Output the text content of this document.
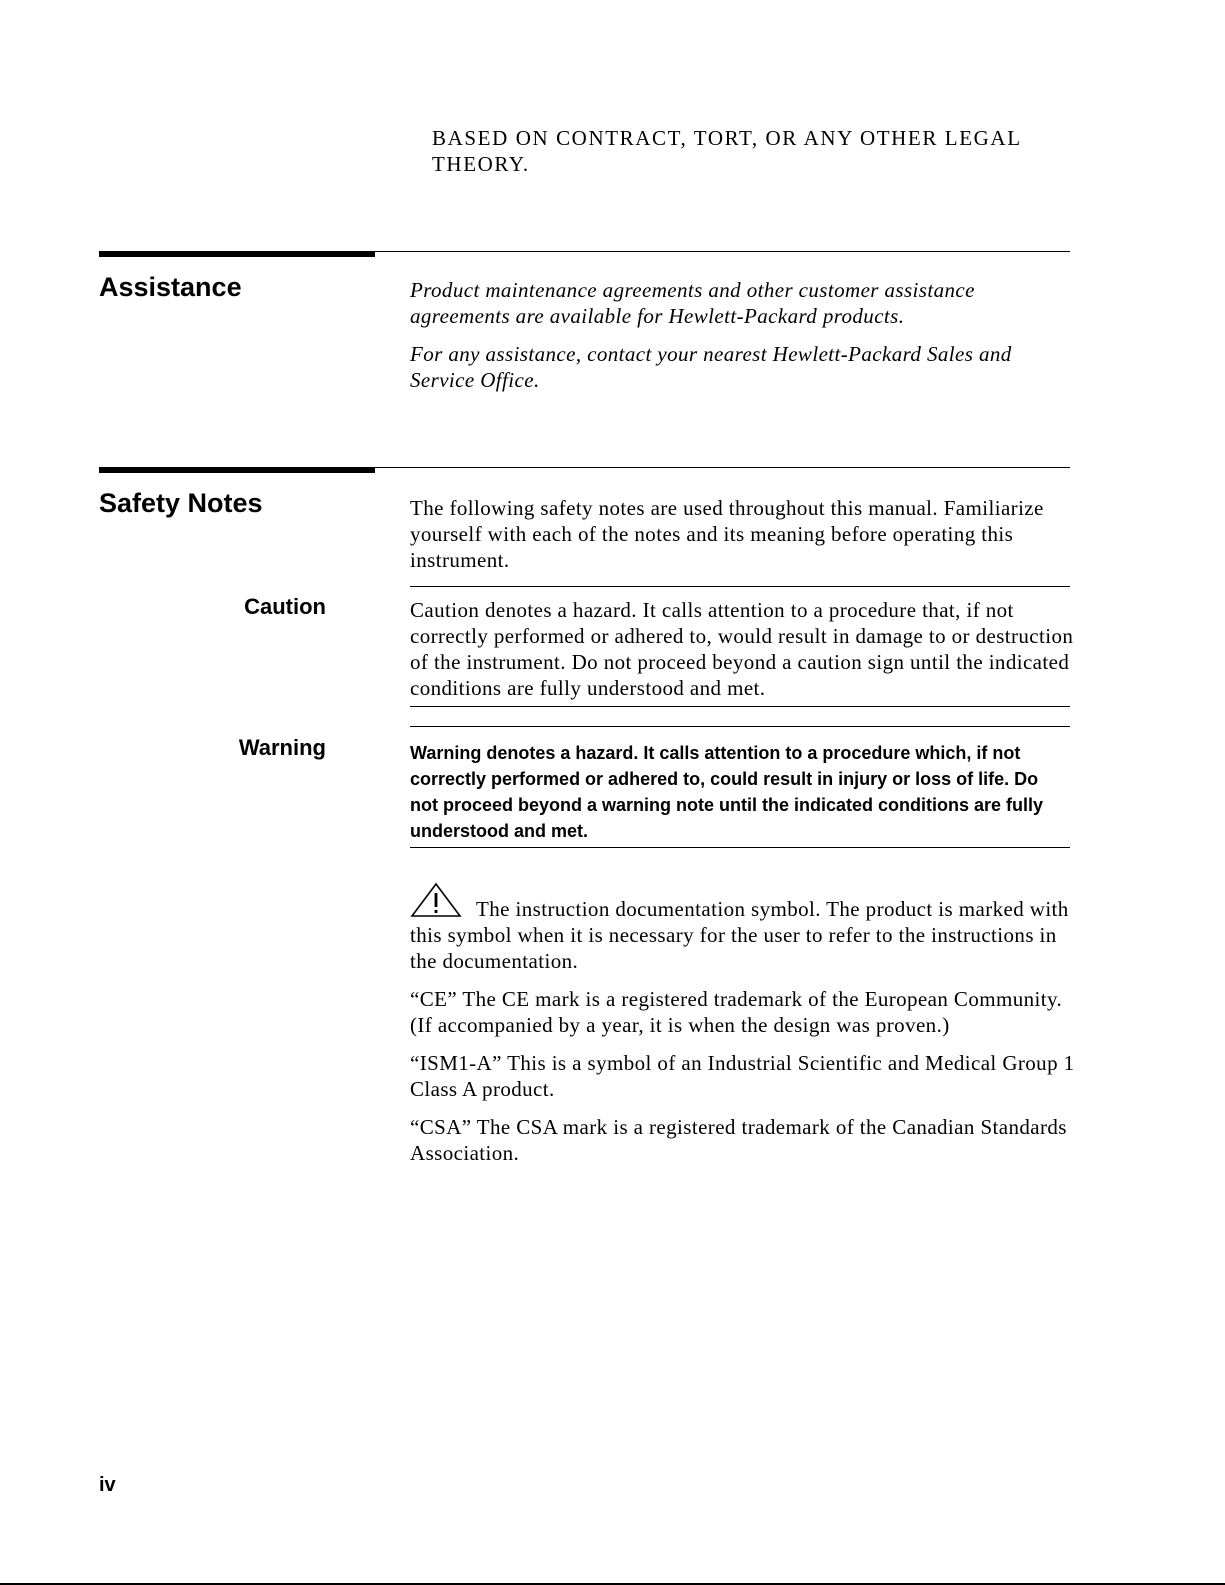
BASED ON CONTRACT, TORT, OR ANY OTHER LEGAL
THEORY.
Assistance	Product maintenance agreements and other customer assistance agreements are available for Hewlett-Packard products.

For any assistance, contact your nearest Hewlett-Packard Sales and Service Office.

Safety Notes	The following safety notes are used throughout this manual. Familiarize yourself with each of the notes and its meaning before operating this instrument.

Caution	Caution denotes a hazard. It calls attention to a procedure that, if not correctly performed or adhered to, would result in damage to or destruction of the instrument. Do not proceed beyond a caution sign until the indicated conditions are fully understood and met.

Warning	Warning denotes a hazard. It calls attention to a procedure which, if not correctly performed or adhered to, could result in injury or loss of life. Do not proceed beyond a warning note until the indicated conditions are fully understood and met.

The instruction documentation symbol. The product is marked with this symbol when it is necessary for the user to refer to the instructions in the documentation.

“CE” The CE mark is a registered trademark of the European Community. (If accompanied by a year, it is when the design was proven.)

“ISM1-A” This is a symbol of an Industrial Scientific and Medical Group 1 Class A product.

“CSA” The CSA mark is a registered trademark of the Canadian Standards Association.

iv
